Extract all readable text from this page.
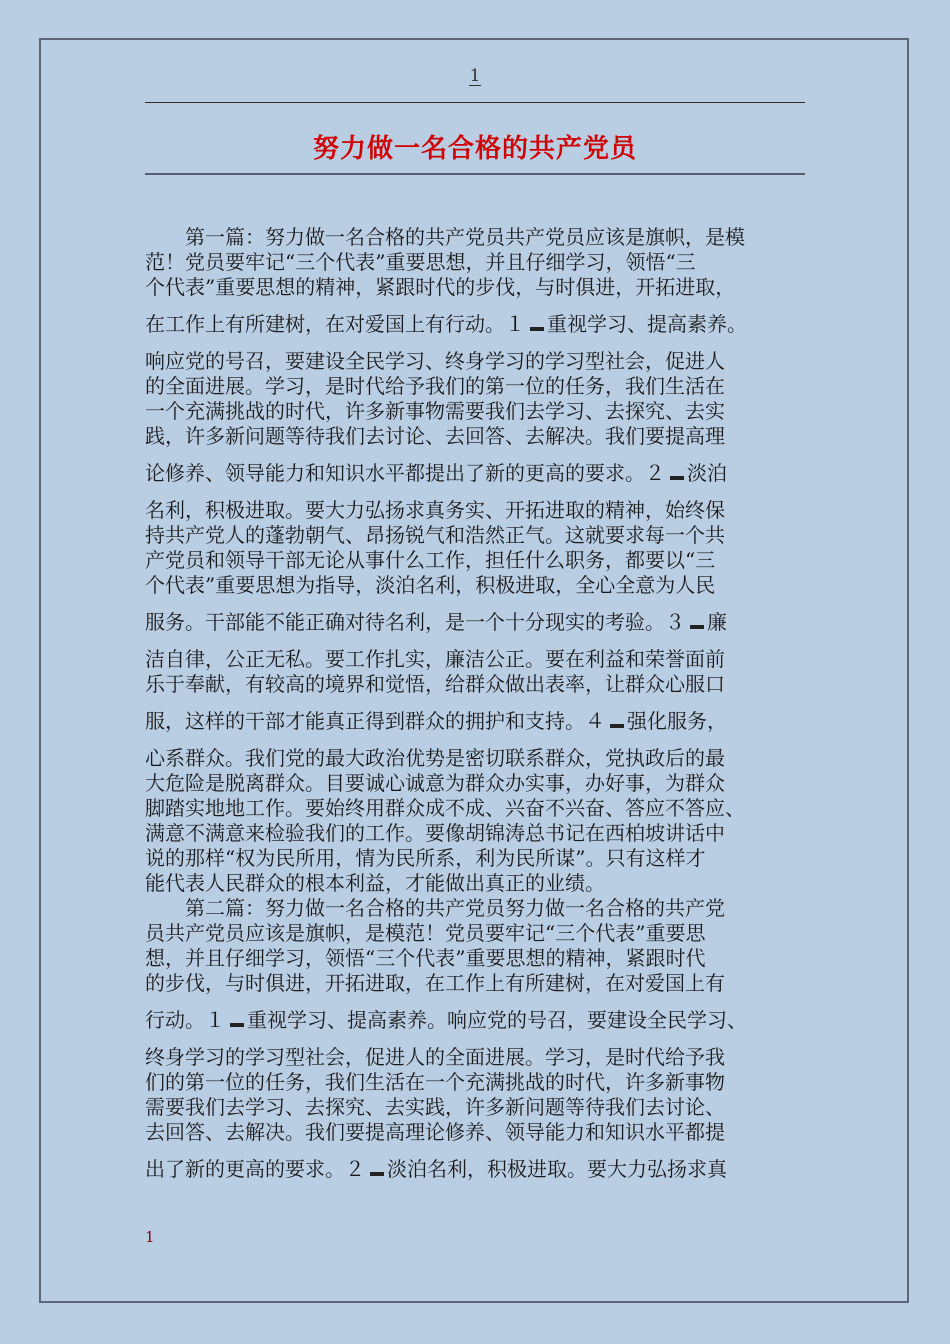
1
努力做一名合格的共产党员
　　第一篇：努力做一名合格的共产党员共产党员应该是旗帜，是模
范！党员要牢记“三个代表”重要思想，并且仔细学习，领悟“三
个代表”重要思想的精神，紧跟时代的步伐，与时俱进，开拓进取，
在工作上有所建树，在对爱国上有行动。１ 重视学习、提高素养。
响应党的号召，要建设全民学习、终身学习的学习型社会，促进人
的全面进展。学习，是时代给予我们的第一位的任务，我们生活在
一个充满挑战的时代，许多新事物需要我们去学习、去探究、去实
践，许多新问题等待我们去讨论、去回答、去解决。我们要提高理
论修养、领导能力和知识水平都提出了新的更高的要求。２ 淡泊
名利，积极进取。要大力弘扬求真务实、开拓进取的精神，始终保
持共产党人的蓬勃朝气、昂扬锐气和浩然正气。这就要求每一个共
产党员和领导干部无论从事什么工作，担任什么职务，都要以“三
个代表”重要思想为指导，淡泊名利，积极进取，全心全意为人民
服务。干部能不能正确对待名利，是一个十分现实的考验。３ 廉
洁自律，公正无私。要工作扎实，廉洁公正。要在利益和荣誉面前
乐于奉献，有较高的境界和觉悟，给群众做出表率，让群众心服口
服，这样的干部才能真正得到群众的拥护和支持。４ 强化服务，
心系群众。我们党的最大政治优势是密切联系群众，党执政后的最
大危险是脱离群众。目要诚心诚意为群众办实事，办好事，为群众
脚踏实地地工作。要始终用群众成不成、兴奋不兴奋、答应不答应、
满意不满意来检验我们的工作。要像胡锦涛总书记在西柏坡讲话中
说的那样“权为民所用，情为民所系，利为民所谋”。只有这样才
能代表人民群众的根本利益，才能做出真正的业绩。
　　第二篇：努力做一名合格的共产党员努力做一名合格的共产党
员共产党员应该是旗帜，是模范！党员要牢记“三个代表”重要思
想，并且仔细学习，领悟“三个代表”重要思想的精神，紧跟时代
的步伐，与时俱进，开拓进取，在工作上有所建树，在对爱国上有
行动。１ 重视学习、提高素养。响应党的号召，要建设全民学习、
终身学习的学习型社会，促进人的全面进展。学习，是时代给予我
们的第一位的任务，我们生活在一个充满挑战的时代，许多新事物
需要我们去学习、去探究、去实践，许多新问题等待我们去讨论、
去回答、去解决。我们要提高理论修养、领导能力和知识水平都提
出了新的更高的要求。２ 淡泊名利，积极进取。要大力弘扬求真
1
